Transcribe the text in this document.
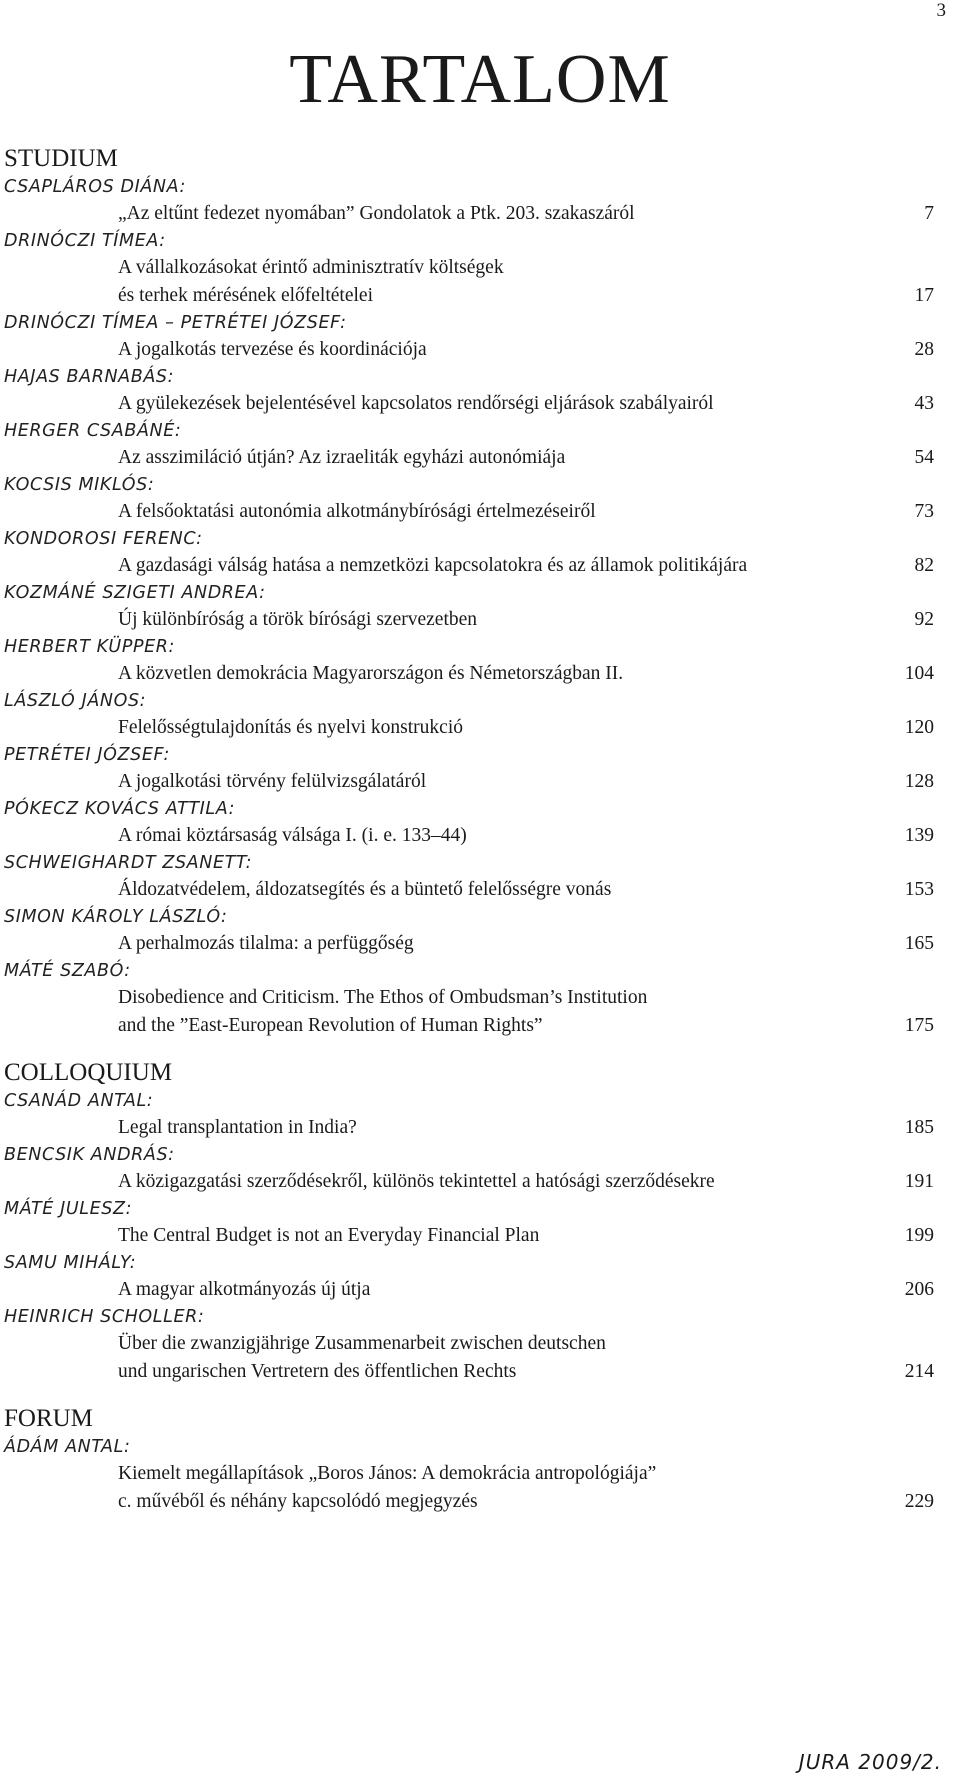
3
TARTALOM
STUDIUM
CSAPLÁROS DIÁNA:
„Az eltűnt fedezet nyomában” Gondolatok a Ptk. 203. szakaszáról	7
DRINÓCZI TÍMEA:
A vállalkozásokat érintő adminisztratív költségek
és terhek mérésének előfeltételei	17
DRINÓCZI TÍMEA – PETRÉTEI JÓZSEF:
A jogalkotás tervezése és koordinációja	28
HAJAS BARNABÁS:
A gyülekezések bejelentésével kapcsolatos rendőrségi eljárások szabályairól	43
HERGER CSABÁNÉ:
Az asszimiláció útján? Az izraeliták egyházi autonómiája	54
KOCSIS MIKLÓS:
A felsőoktatási autonómia alkotmánybírósági értelmezéseiről	73
KONDOROSI FERENC:
A gazdasági válság hatása a nemzetközi kapcsolatokra és az államok politikájára	82
KOZMÁNÉ SZIGETI ANDREA:
Új különbíróság a török bírósági szervezetben	92
HERBERT KÜPPER:
A közvetlen demokrácia Magyarországon és Németországban II.	104
LÁSZLÓ JÁNOS:
Felelősségtulajdonítás és nyelvi konstrukció	120
PETRÉTEI JÓZSEF:
A jogalkotási törvény felülvizsgálatáról	128
PÓKECZ KOVÁCS ATTILA:
A római köztársaság válsága I. (i. e. 133–44)	139
SCHWEIGHARDT ZSANETT:
Áldozatvédelem, áldozatsegítés és a büntető felelősségre vonás	153
SIMON KÁROLY LÁSZLÓ:
A perhalmozás tilalma: a perfüggőség	165
MÁTÉ SZABÓ:
Disobedience and Criticism. The Ethos of Ombudsman’s Institution
and the ”East-European Revolution of Human Rights”	175
COLLOQUIUM
CSANÁD ANTAL:
Legal transplantation in India?	185
BENCSIK ANDRÁS:
A közigazgatási szerződésekről, különös tekintettel a hatósági szerződésekre	191
MÁTÉ JULESZ:
The Central Budget is not an Everyday Financial Plan	199
SAMU MIHÁLY:
A magyar alkotmányozás új útja	206
HEINRICH SCHOLLER:
Über die zwanzigjährige Zusammenarbeit zwischen deutschen
und ungarischen Vertretern des öffentlichen Rechts	214
FORUM
ÁDÁM ANTAL:
Kiemelt megállapítások „Boros János: A demokrácia antropológiája”
c. művéből és néhány kapcsolódó megjegyzés	229
JURA 2009/2.
